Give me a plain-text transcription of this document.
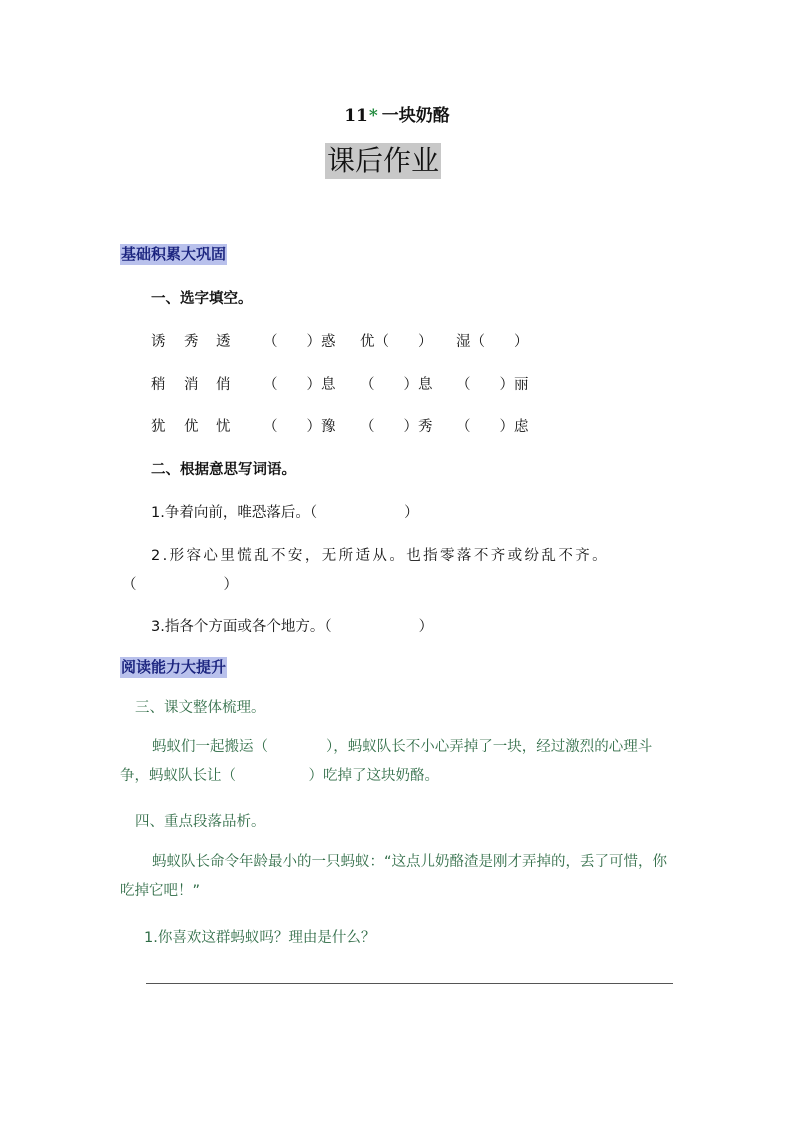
11* 一块奶酪
课后作业
基础积累大巩固
一、选字填空。
诱 秀 透 （　　）惑 优（　　） 湿（　　）
稍 消 俏 （　　）息 （　　）息 （　　）丽
犹 优 忧 （　　）豫 （　　）秀 （　　）虑
二、根据意思写词语。
1.争着向前，唯恐落后。（　　　　　　）
2.形容心里慌乱不安，无所适从。也指零落不齐或纷乱不齐。
（　　　　　　）
3.指各个方面或各个地方。（　　　　　　）
阅读能力大提升
三、课文整体梳理。
蚂蚁们一起搬运（　　　　），蚂蚁队长不小心弄掉了一块，经过激烈的心理斗争，蚂蚁队长让（　　　　　）吃掉了这块奶酪。
四、重点段落品析。
蚂蚁队长命令年龄最小的一只蚂蚁：“这点儿奶酪渣是刚才弄掉的，丢了可惜，你吃掉它吧！”
1.你喜欢这群蚂蚁吗？理由是什么？
